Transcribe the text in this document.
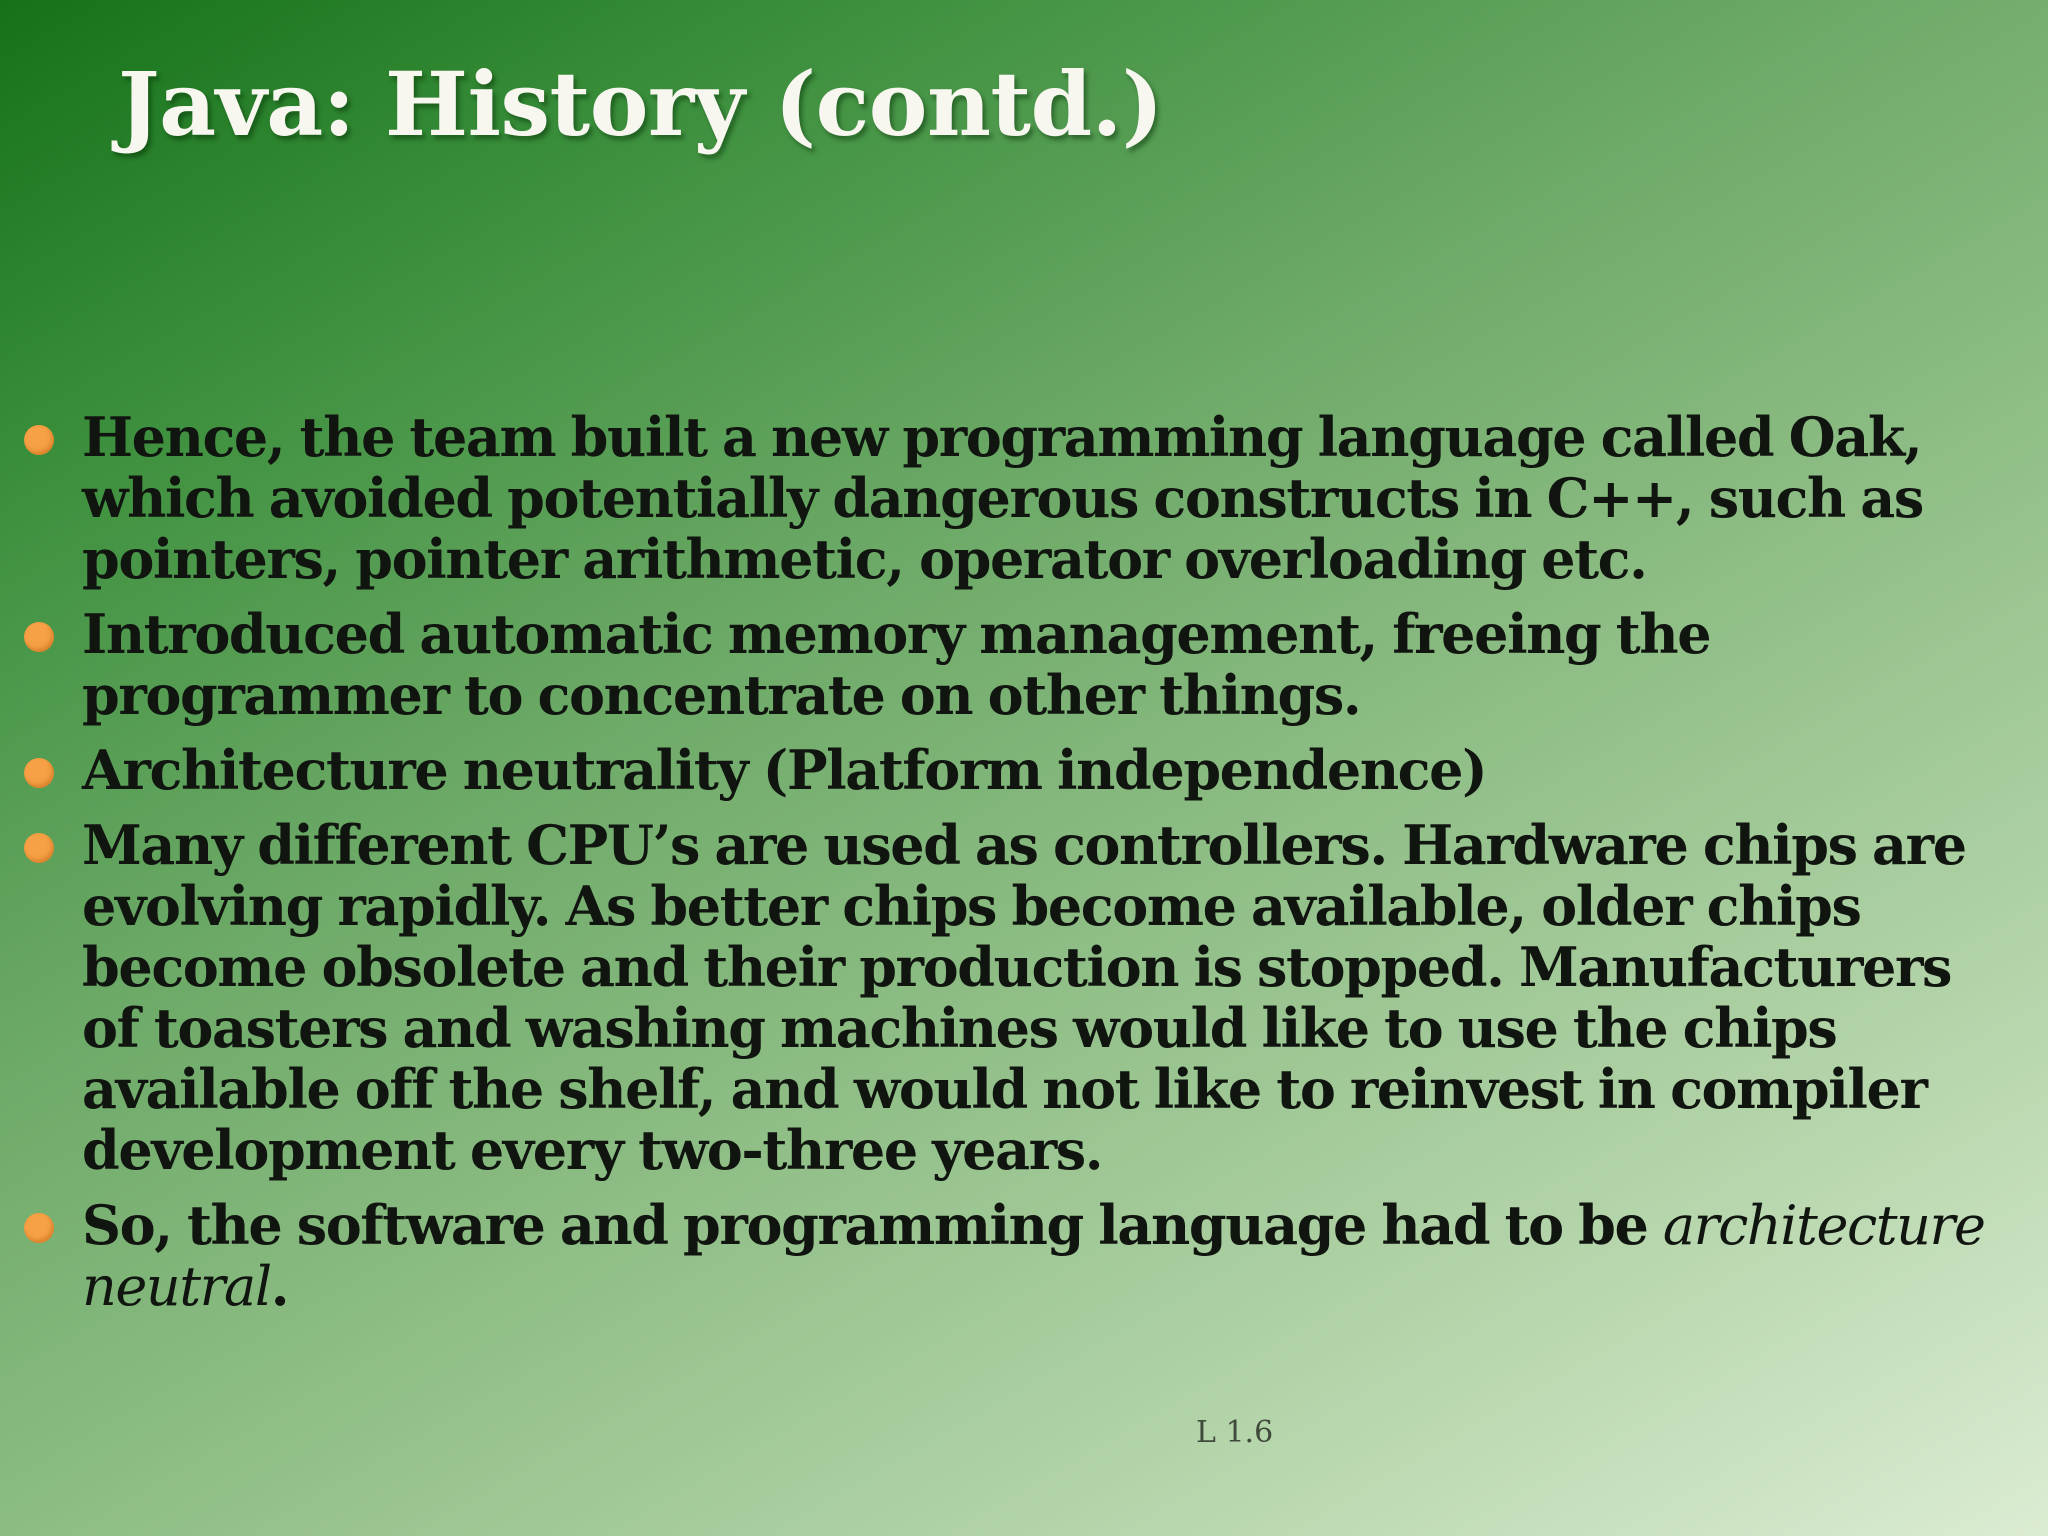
Java: History (contd.)
Hence, the team built a new programming language called Oak, which avoided potentially dangerous constructs in C++, such as pointers, pointer arithmetic, operator overloading etc.
Introduced automatic memory management, freeing the programmer to concentrate on other things.
Architecture neutrality (Platform independence)
Many different CPU’s are used as controllers. Hardware chips are evolving rapidly. As better chips become available, older chips become obsolete and their production is stopped. Manufacturers of toasters and washing machines would like to use the chips available off the shelf, and would not like to reinvest in compiler development every two-three years.
So, the software and programming language had to be architecture neutral.
L 1.6
